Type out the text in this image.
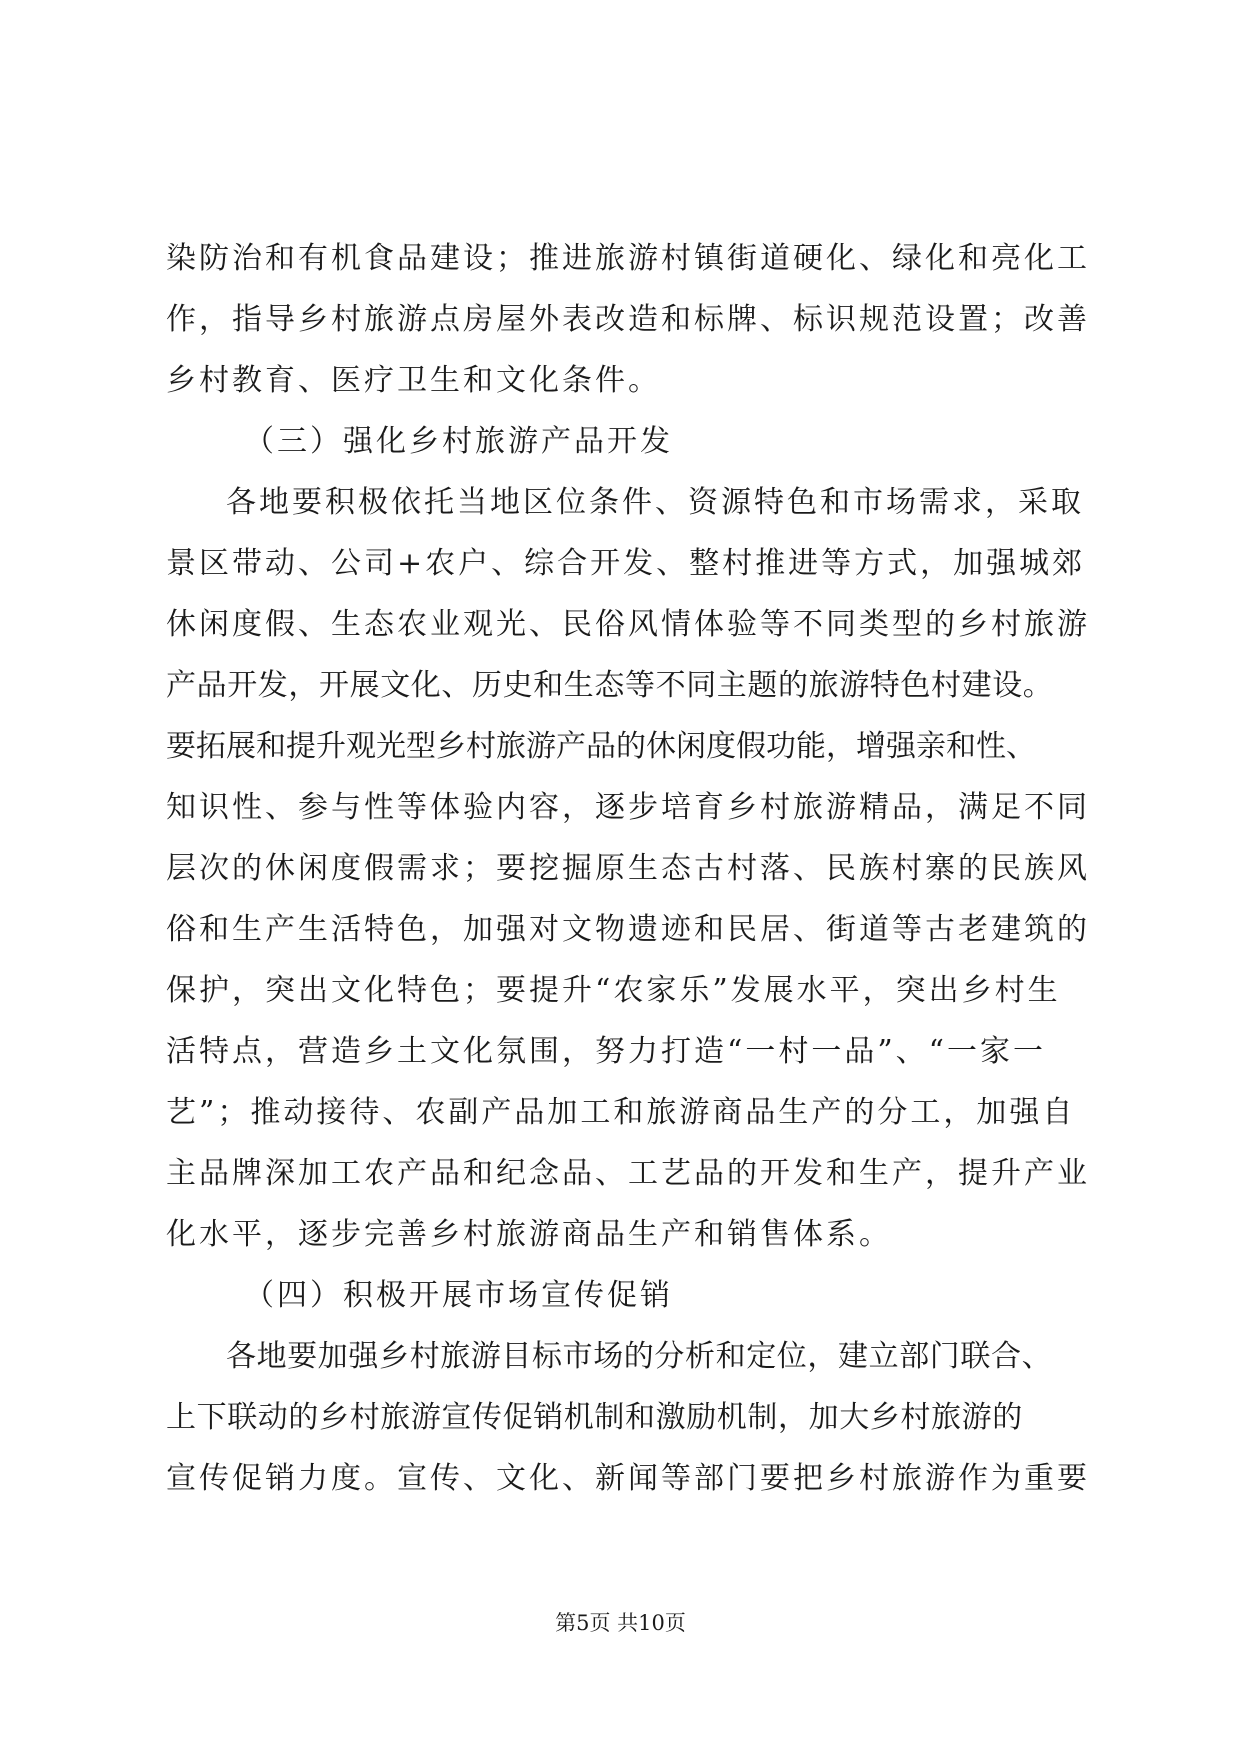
染防治和有机食品建设；推进旅游村镇街道硬化、绿化和亮化工
作，指导乡村旅游点房屋外表改造和标牌、标识规范设置；改善
乡村教育、医疗卫生和文化条件。
（三）强化乡村旅游产品开发
各地要积极依托当地区位条件、资源特色和市场需求，采取
景区带动、公司+农户、综合开发、整村推进等方式，加强城郊
休闲度假、生态农业观光、民俗风情体验等不同类型的乡村旅游
产品开发，开展文化、历史和生态等不同主题的旅游特色村建设。
要拓展和提升观光型乡村旅游产品的休闲度假功能，增强亲和性、
知识性、参与性等体验内容，逐步培育乡村旅游精品，满足不同
层次的休闲度假需求；要挖掘原生态古村落、民族村寨的民族风
俗和生产生活特色，加强对文物遗迹和民居、街道等古老建筑的
保护，突出文化特色；要提升“农家乐”发展水平，突出乡村生
活特点，营造乡土文化氛围，努力打造“一村一品”、“一家一
艺”；推动接待、农副产品加工和旅游商品生产的分工，加强自
主品牌深加工农产品和纪念品、工艺品的开发和生产，提升产业
化水平，逐步完善乡村旅游商品生产和销售体系。
（四）积极开展市场宣传促销
各地要加强乡村旅游目标市场的分析和定位，建立部门联合、
上下联动的乡村旅游宣传促销机制和激励机制，加大乡村旅游的
宣传促销力度。宣传、文化、新闻等部门要把乡村旅游作为重要
第5页 共10页
